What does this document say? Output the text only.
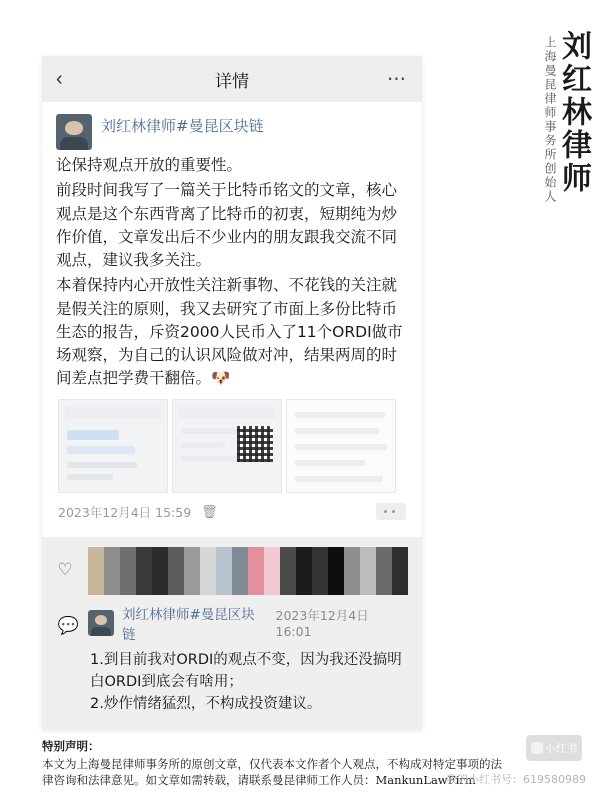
刘红林律师
上海曼昆律师事务所创始人
‹	详情	⋯
刘红林律师#曼昆区块链

论保持观点开放的重要性。

前段时间我写了一篇关于比特币铭文的文章，核心观点是这个东西背离了比特币的初衷，短期纯为炒作价值，文章发出后不少业内的朋友跟我交流不同观点，建议我多关注。

本着保持内心开放性关注新事物、不花钱的关注就是假关注的原则，我又去研究了市面上多份比特币生态的报告，斥资2000人民币入了11个ORDI做市场观察，为自己的认识风险做对冲，结果两周的时间差点把学费干翻倍。🐶

2023年12月4日 15:59 🗑
♡
💬
刘红林律师#曼昆区块链
2023年12月4日 16:01

1.到目前我对ORDI的观点不变，因为我还没搞明白ORDI到底会有啥用；

2.炒作情绪猛烈，不构成投资建议。

特别声明：
本文为上海曼昆律师事务所的原创文章，仅代表本文作者个人观点，不构成对特定事项的法律咨询和法律意见。如文章如需转载，请联系曼昆律师工作人员：MankunLawFirm
小红书
我的小红书号：619580989
